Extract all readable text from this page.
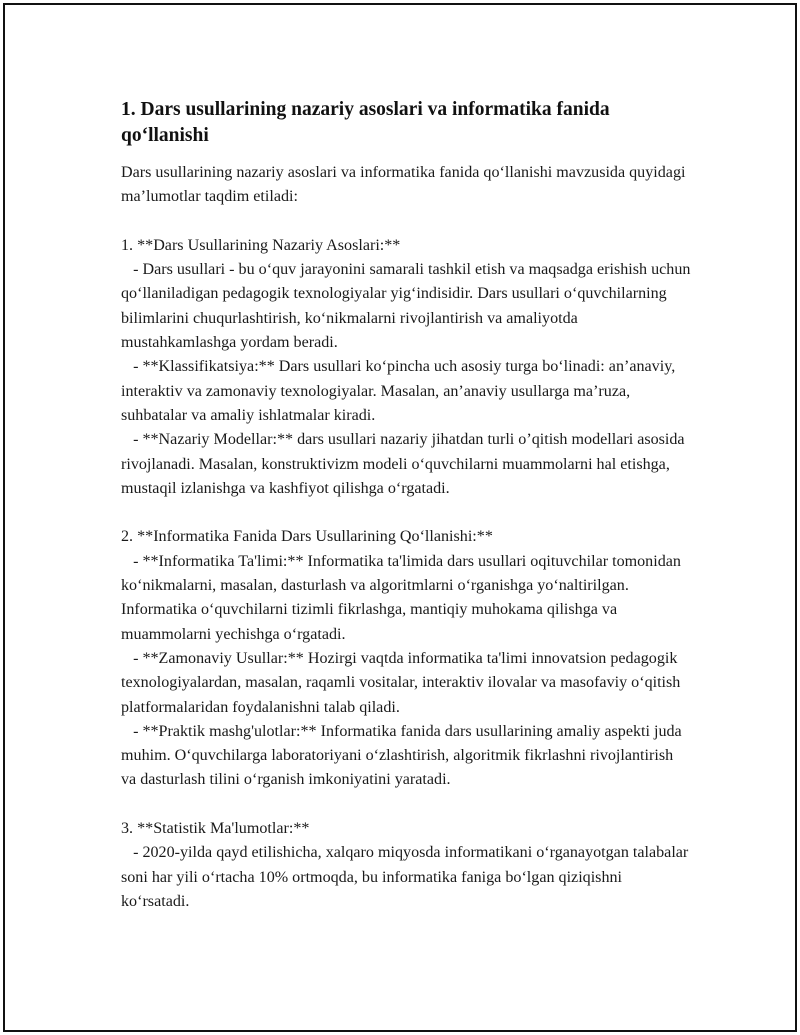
1. Dars usullarining nazariy asoslari va informatika fanida qo‘llanishi
Dars usullarining nazariy asoslari va informatika fanida qo‘llanishi mavzusida quyidagi ma’lumotlar taqdim etiladi:

1. **Dars Usullarining Nazariy Asoslari:**
- Dars usullari - bu o‘quv jarayonini samarali tashkil etish va maqsadga erishish uchun qo‘llaniladigan pedagogik texnologiyalar yig‘indisidir. Dars usullari o‘quvchilarning bilimlarini chuqurlashtirish, ko‘nikmalarni rivojlantirish va amaliyotda mustahkamlashga yordam beradi.
- **Klassifikatsiya:** Dars usullari ko‘pincha uch asosiy turga bo‘linadi: an’anaviy, interaktiv va zamonaviy texnologiyalar. Masalan, an’anaviy usullarga ma’ruza, suhbatalar va amaliy ishlatmalar kiradi.
- **Nazariy Modellar:** dars usullari nazariy jihatdan turli o’qitish modellari asosida rivojlanadi. Masalan, konstruktivizm modeli o‘quvchilarni muammolarni hal etishga, mustaqil izlanishga va kashfiyot qilishga o‘rgatadi.

2. **Informatika Fanida Dars Usullarining Qo‘llanishi:**
- **Informatika Ta'limi:** Informatika ta'limida dars usullari oqituvchilar tomonidan ko‘nikmalarni, masalan, dasturlash va algoritmlarni o‘rganishga yo‘naltirilgan. Informatika o‘quvchilarni tizimli fikrlashga, mantiqiy muhokama qilishga va muammolarni yechishga o‘rgatadi.
- **Zamonaviy Usullar:** Hozirgi vaqtda informatika ta'limi innovatsion pedagogik texnologiyalardan, masalan, raqamli vositalar, interaktiv ilovalar va masofaviy o‘qitish platformalaridan foydalanishni talab qiladi.
- **Praktik mashg'ulotlar:** Informatika fanida dars usullarining amaliy aspekti juda muhim. O‘quvchilarga laboratoriyani o‘zlashtirish, algoritmik fikrlashni rivojlantirish va dasturlash tilini o‘rganish imkoniyatini yaratadi.

3. **Statistik Ma'lumotlar:**
- 2020-yilda qayd etilishicha, xalqaro miqyosda informatikani o‘rganayotgan talabalar soni har yili o‘rtacha 10% ortmoqda, bu informatika faniga bo‘lgan qiziqishni ko‘rsatadi.
